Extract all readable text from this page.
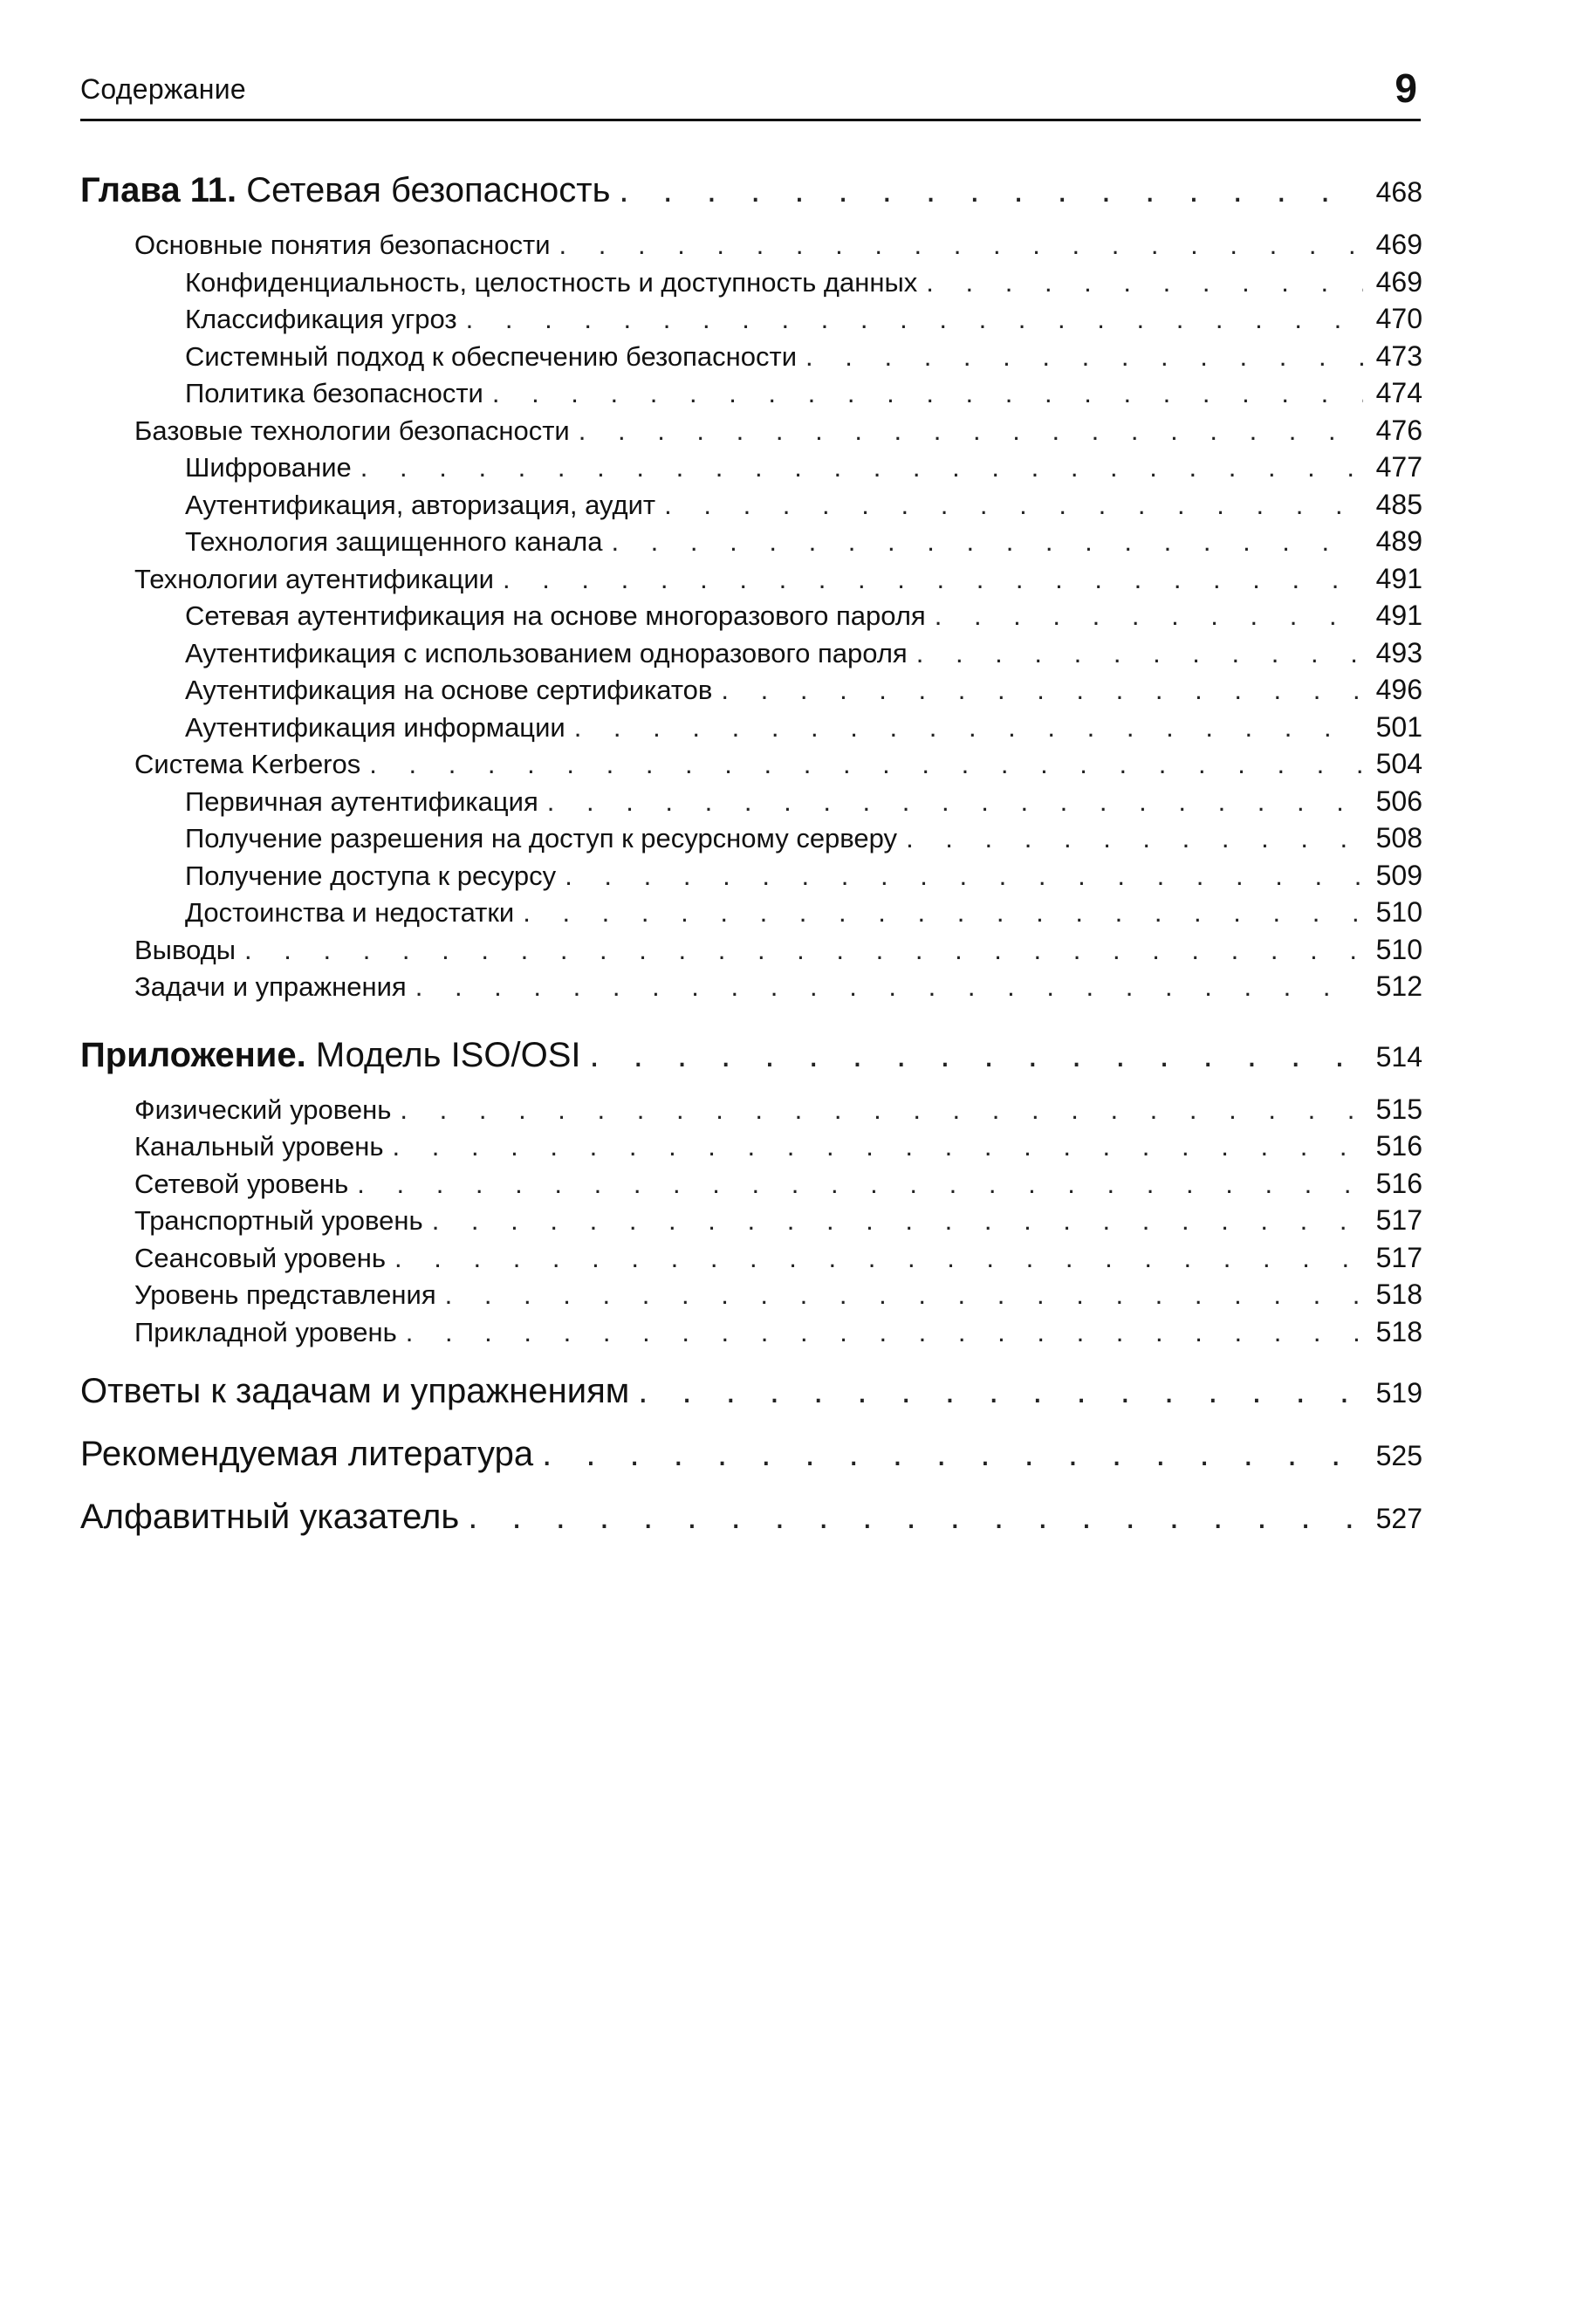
Содержание	9
Глава 11. Сетевая безопасность . . .	468
Основные понятия безопасности . . .	469
Конфиденциальность, целостность и доступность данных . . .	469
Классификация угроз . . .	470
Системный подход к обеспечению безопасности . . .	473
Политика безопасности . . .	474
Базовые технологии безопасности . . .	476
Шифрование . . .	477
Аутентификация, авторизация, аудит . . .	485
Технология защищенного канала . . .	489
Технологии аутентификации . . .	491
Сетевая аутентификация на основе многоразового пароля . . .	491
Аутентификация с использованием одноразового пароля . . .	493
Аутентификация на основе сертификатов . . .	496
Аутентификация информации . . .	501
Система Kerberos . . .	504
Первичная аутентификация . . .	506
Получение разрешения на доступ к ресурсному серверу . . .	508
Получение доступа к ресурсу . . .	509
Достоинства и недостатки . . .	510
Выводы . . .	510
Задачи и упражнения . . .	512
Приложение. Модель ISO/OSI . . .	514
Физический уровень . . .	515
Канальный уровень . . .	516
Сетевой уровень . . .	516
Транспортный уровень . . .	517
Сеансовый уровень . . .	517
Уровень представления . . .	518
Прикладной уровень . . .	518
Ответы к задачам и упражнениям . . .	519
Рекомендуемая литература . . .	525
Алфавитный указатель . . .	527
